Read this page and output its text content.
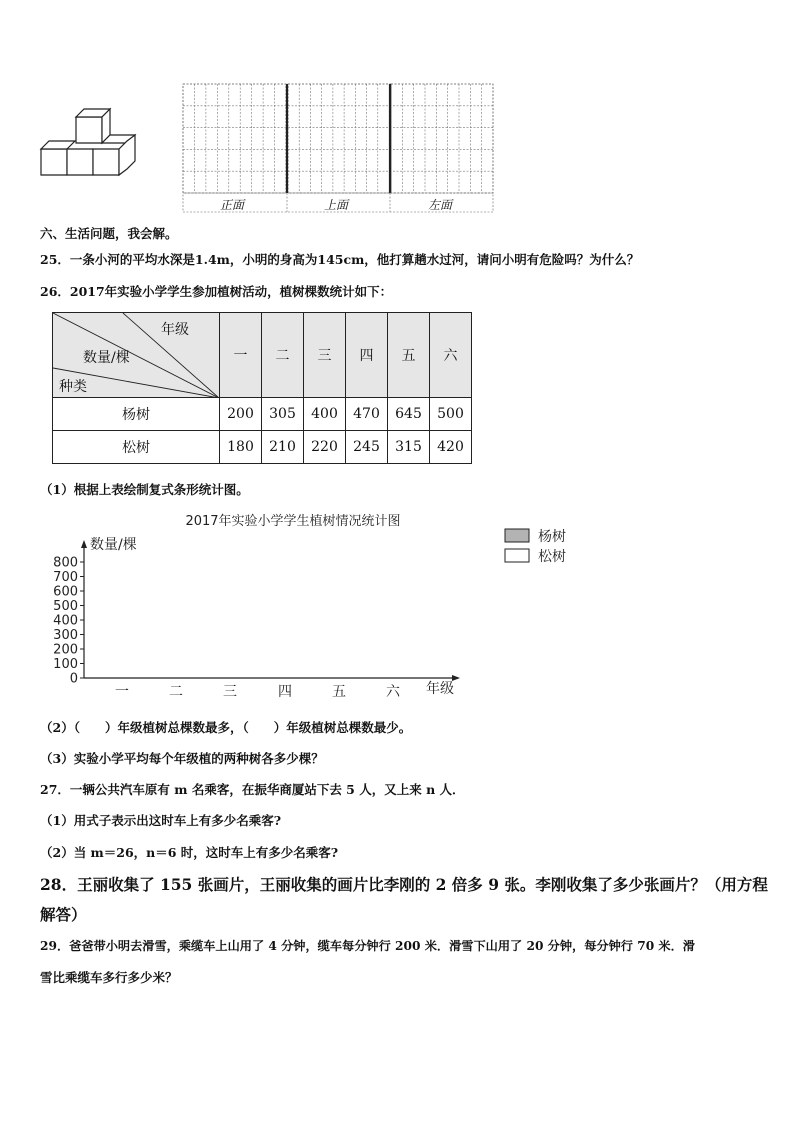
正面	上面	左面
六、生活问题，我会解。
25．一条小河的平均水深是1.4m，小明的身高为145cm，他打算趟水过河，请问小明有危险吗？为什么？
26．2017年实验小学学生参加植树活动，植树棵数统计如下：
年级
数量/棵
种类	一	二	三	四	五	六
杨树	200	305	400	470	645	500
松树	180	210	220	245	315	420
（1）根据上表绘制复式条形统计图。
2017年实验小学学生植树情况统计图
数量/棵
年级
0
100
200
300
400
500
600
700
800
一	二	三	四	五	六
杨树
松树
（2）（　　）年级植树总棵数最多，（　　）年级植树总棵数最少。
（3）实验小学平均每个年级植的两种树各多少棵？
27．一辆公共汽车原有 m 名乘客，在振华商厦站下去 5 人，又上来 n 人．
（1）用式子表示出这时车上有多少名乘客?
（2）当 m＝26，n＝6 时，这时车上有多少名乘客?
28．王丽收集了 155 张画片，王丽收集的画片比李刚的 2 倍多 9 张。李刚收集了多少张画片？（用方程
解答）
29．爸爸带小明去滑雪，乘缆车上山用了 4 分钟，缆车每分钟行 200 米．滑雪下山用了 20 分钟，每分钟行 70 米．滑
雪比乘缆车多行多少米？
